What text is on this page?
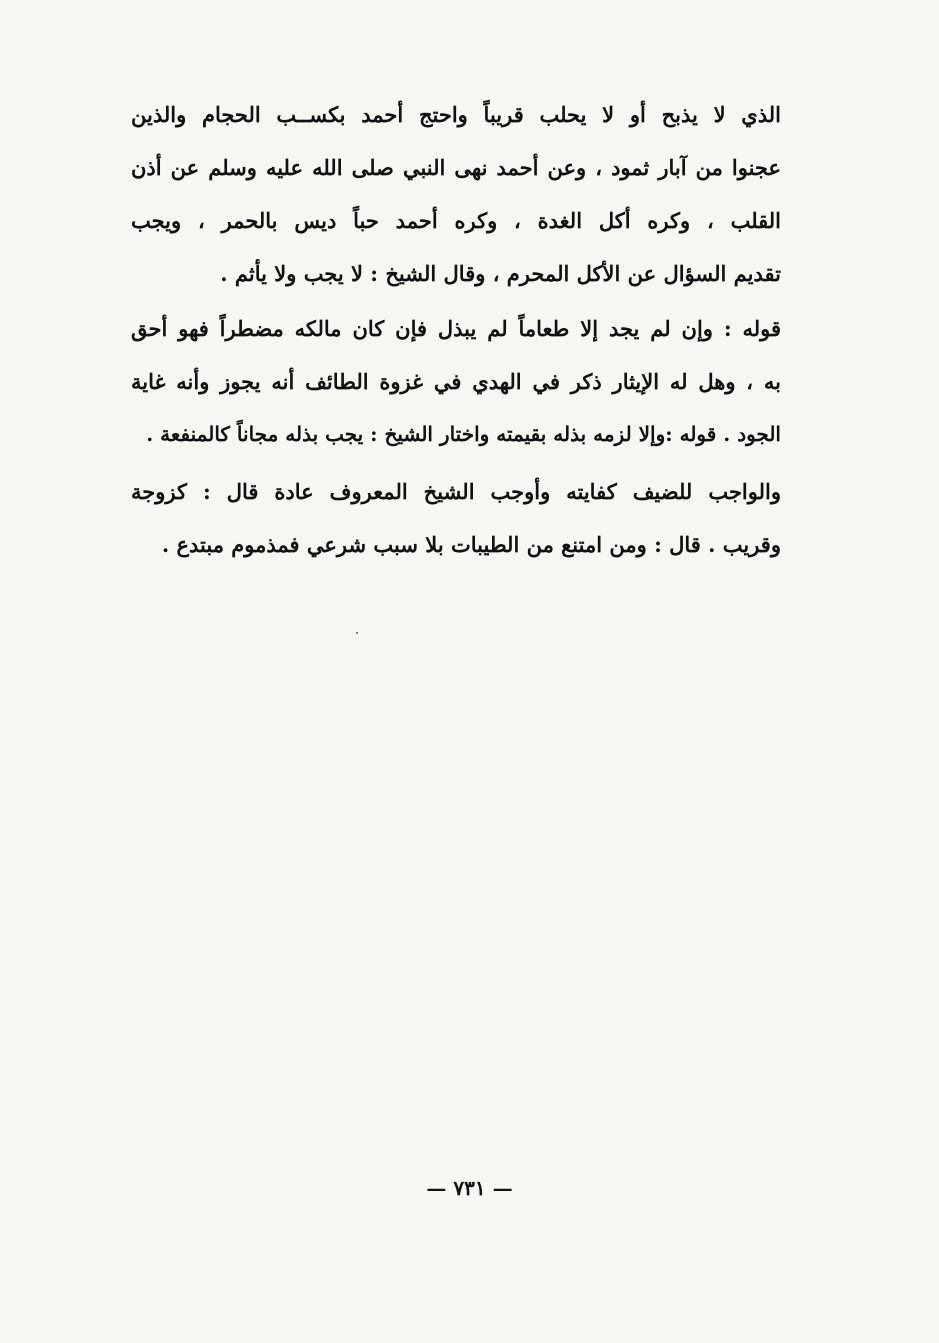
الذي لا يذبح أو لا يحلب قريباً واحتج أحمد بكســب الحجام والذين
عجنوا من آبار ثمود ، وعن أحمد نهى النبي صلى الله عليه وسلم عن أذن
القلب ، وكره أكل الغدة ، وكره أحمد حباً ديس بالحمر ، ويجب
تقديم السؤال عن الأكل المحرم ، وقال الشيخ : لا يجب ولا يأثم .
قوله : وإن لم يجد إلا طعاماً لم يبذل فإن كان مالكه مضطراً فهو أحق
به ، وهل له الإيثار ذكر في الهدي في غزوة الطائف أنه يجوز وأنه غاية
الجود . قوله :وإلا لزمه بذله بقيمته واختار الشيخ : يجب بذله مجاناً كالمنفعة .
والواجب للضيف كفايته وأوجب الشيخ المعروف عادة قال : كزوجة
وقريب . قال : ومن امتنع من الطيبات بلا سبب شرعي فمذموم مبتدع .
— ٧٣١ —
